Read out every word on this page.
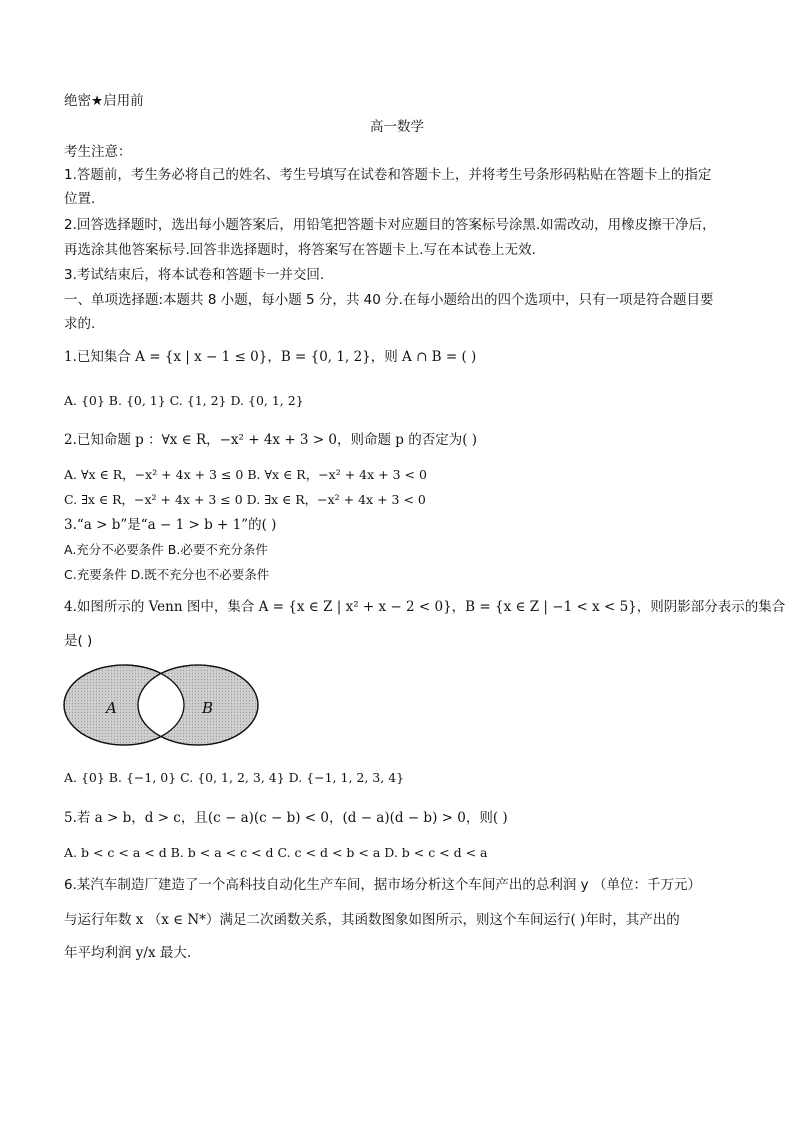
绝密★启用前
高一数学
考生注意：
1.答题前，考生务必将自己的姓名、考生号填写在试卷和答题卡上，并将考生号条形码粘贴在答题卡上的指定
位置.
2.回答选择题时，选出每小题答案后，用铅笔把答题卡对应题目的答案标号涂黑.如需改动，用橡皮擦干净后，
再选涂其他答案标号.回答非选择题时，将答案写在答题卡上.写在本试卷上无效.
3.考试结束后，将本试卷和答题卡一并交回.
一、单项选择题:本题共 8 小题，每小题 5 分，共 40 分.在每小题给出的四个选项中，只有一项是符合题目要
求的.
1.已知集合 A = {x | x − 1 ≤ 0}，B = {0, 1, 2}，则 A ∩ B = ( )
A. {0} B. {0, 1} C. {1, 2} D. {0, 1, 2}
2.已知命题 p ：∀x ∈ R，−x² + 4x + 3 > 0，则命题 p 的否定为( )
A. ∀x ∈ R，−x² + 4x + 3 ≤ 0 B. ∀x ∈ R，−x² + 4x + 3 < 0
C. ∃x ∈ R，−x² + 4x + 3 ≤ 0 D. ∃x ∈ R，−x² + 4x + 3 < 0
3.“a > b”是“a − 1 > b + 1”的( )
A.充分不必要条件 B.必要不充分条件
C.充要条件 D.既不充分也不必要条件
4.如图所示的 Venn 图中，集合 A = {x ∈ Z | x² + x − 2 < 0}，B = {x ∈ Z | −1 < x < 5}，则阴影部分表示的集合
是( )
A	B
A. {0} B. {−1, 0} C. {0, 1, 2, 3, 4} D. {−1, 1, 2, 3, 4}
5.若 a > b，d > c，且(c − a)(c − b) < 0，(d − a)(d − b) > 0，则( )
A. b < c < a < d B. b < a < c < d C. c < d < b < a D. b < c < d < a
6.某汽车制造厂建造了一个高科技自动化生产车间，据市场分析这个车间产出的总利润 y （单位：千万元）
与运行年数 x （x ∈ N*）满足二次函数关系，其函数图象如图所示，则这个车间运行( )年时，其产出的
年平均利润 y/x 最大.
